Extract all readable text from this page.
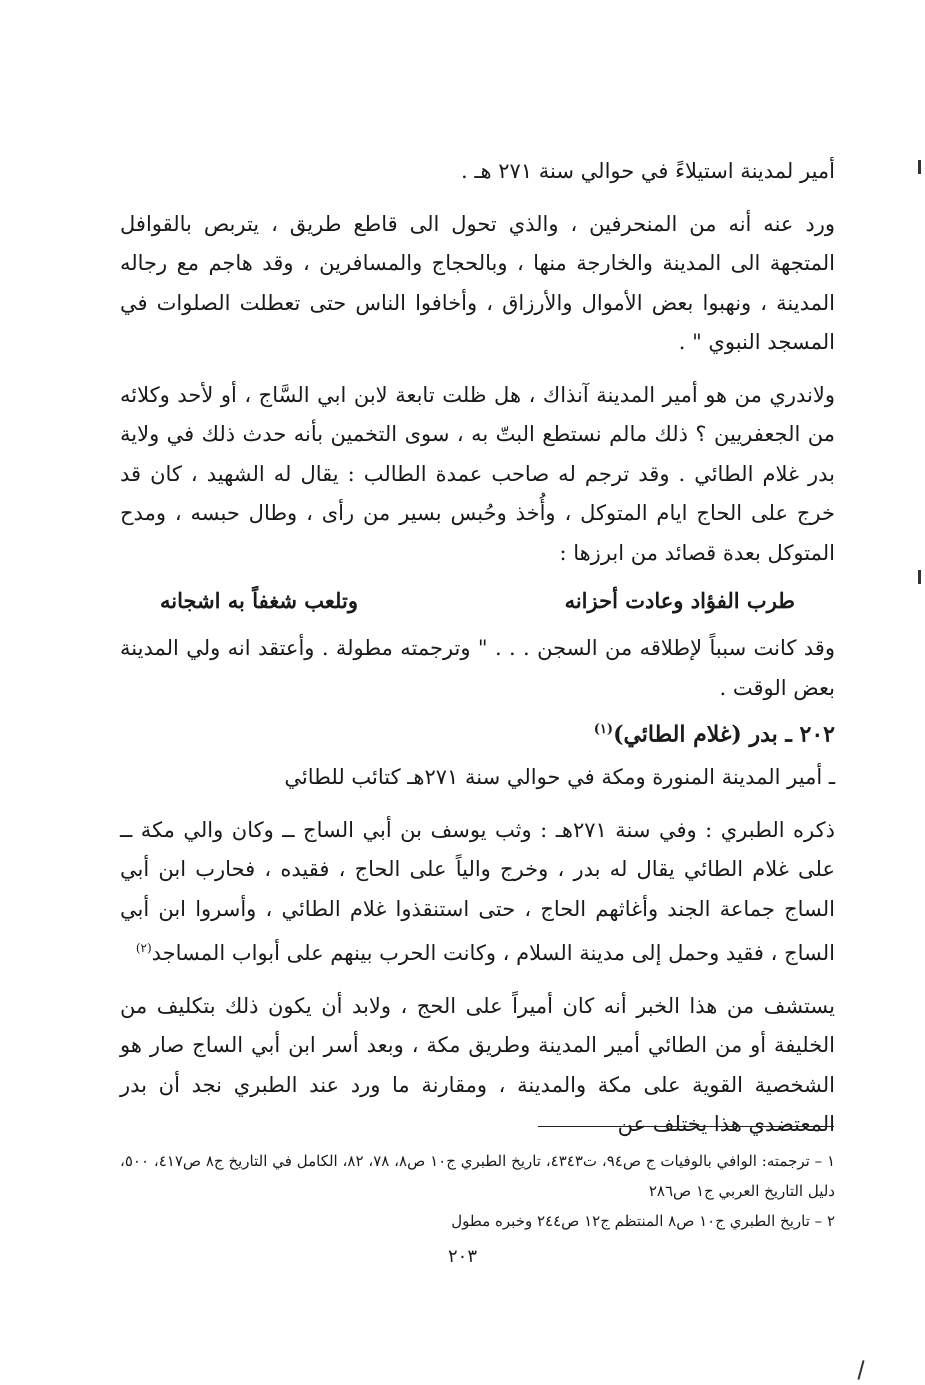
أمير لمدينة استيلاءً في حوالي سنة ٢٧١ هـ .

ورد عنه أنه من المنحرفين ، والذي تحول الى قاطع طريق ، يتربص بالقوافل المتجهة الى المدينة والخارجة منها ، وبالحجاج والمسافرين ، وقد هاجم مع رجاله المدينة ، ونهبوا بعض الأموال والأرزاق ، وأخافوا الناس حتى تعطلت الصلوات في المسجد النبوي " .

ولاندري من هو أمير المدينة آنذاك ، هل ظلت تابعة لابن ابي السَّاج ، أو لأحد وكلائه من الجعفريين ؟ ذلك مالم نستطع البتّ به ، سوى التخمين بأنه حدث ذلك في ولاية بدر غلام الطائي . وقد ترجم له صاحب عمدة الطالب : يقال له الشهيد ، كان قد خرج على الحاج ايام المتوكل ، وأُخذ وحُبس بسير من رأى ، وطال حبسه ، ومدح المتوكل بعدة قصائد من ابرزها :

طرب الفؤاد وعادت أحزانه
وتلعب شغفاً به اشجانه

وقد كانت سبباً لإطلاقه من السجن . . . " وترجمته مطولة . وأعتقد انه ولي المدينة بعض الوقت .

٢٠٢ ـ بدر (غلام الطائي)$^{(١)}$

ـ أمير المدينة المنورة ومكة في حوالي سنة ٢٧١هـ كتائب للطائي

ذكره الطبري : وفي سنة ٢٧١هـ : وثب يوسف بن أبي الساج ــ وكان والي مكة ــ على غلام الطائي يقال له بدر ، وخرج والياً على الحاج ، فقيده ، فحارب ابن أبي الساج جماعة الجند وأغاثهم الحاج ، حتى استنقذوا غلام الطائي ، وأسروا ابن أبي الساج ، فقيد وحمل إلى مدينة السلام ، وكانت الحرب بينهم على أبواب المساجد$^{(٢)}$

يستشف من هذا الخبر أنه كان أميراً على الحج ، ولابد أن يكون ذلك بتكليف من الخليفة أو من الطائي أمير المدينة وطريق مكة ، وبعد أسر ابن أبي الساج صار هو الشخصية القوية على مكة والمدينة ، ومقارنة ما ورد عند الطبري نجد أن بدر المعتضدي هذا يختلف عن

١ – ترجمته: الوافي بالوفيات ج ص٩٤، ت٤٣٤٣، تاريخ الطبري ج١٠ ص٨، ٧٨، ٨٢، الكامل في التاريخ ج٨ ص٤١٧، ٥٠٠، دليل التاريخ العربي ج١ ص٢٨٦

٢ – تاريخ الطبري ج١٠ ص٨ المنتظم ج١٢ ص٢٤٤ وخبره مطول

٢٠٣
